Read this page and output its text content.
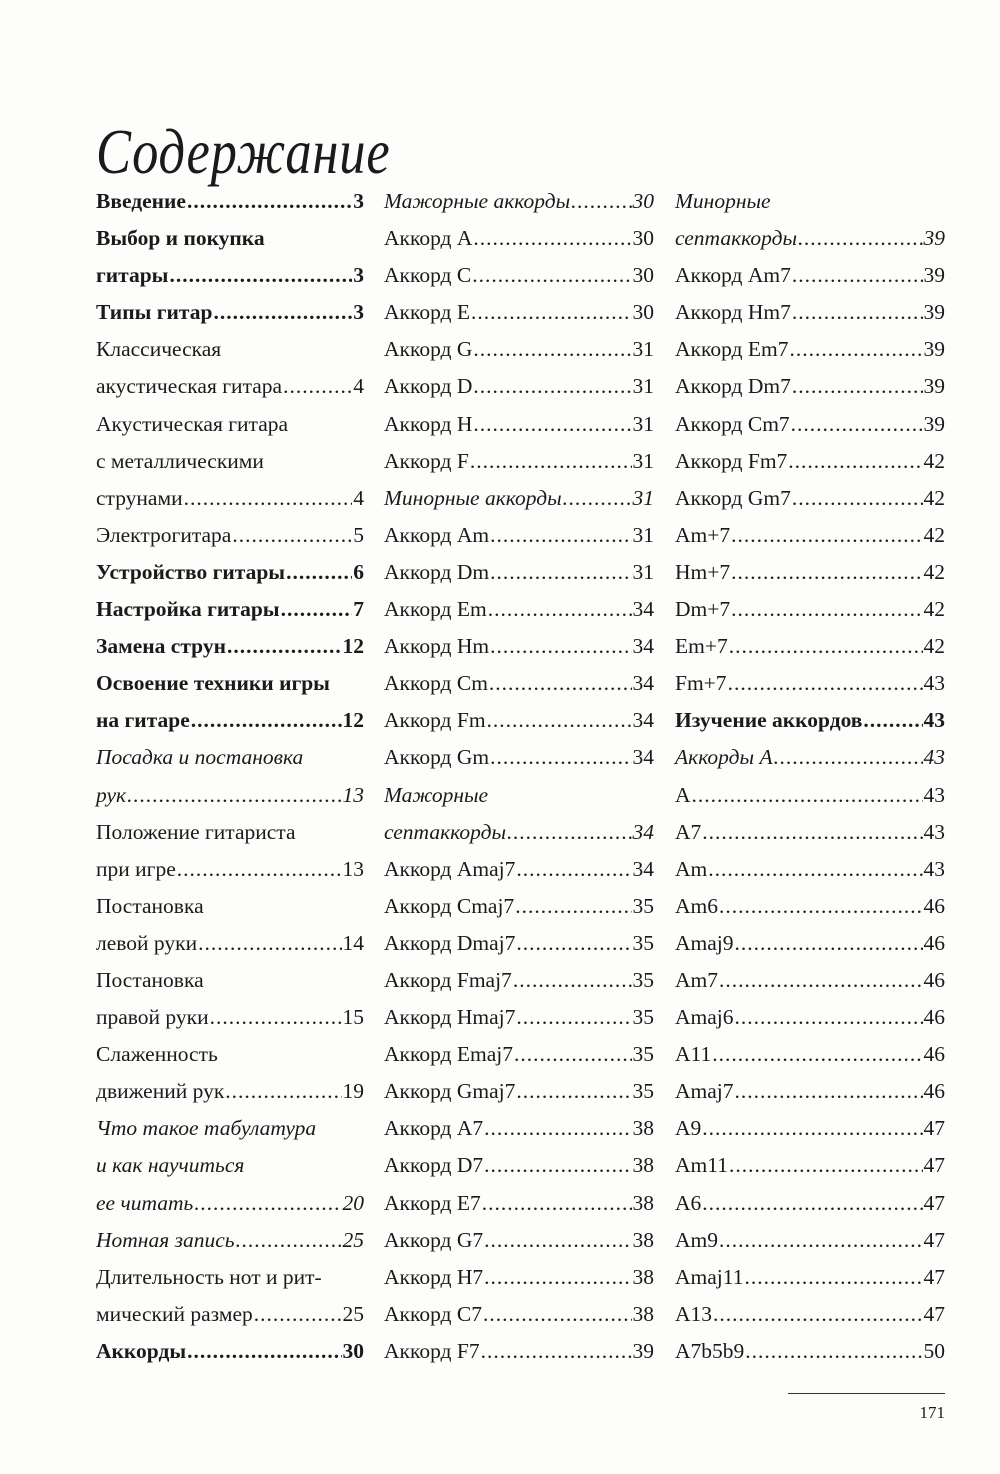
Содержание
Введение .....	3
Выбор и покупка
гитары .....	3
Типы гитар .....	3
Классическая
акустическая гитара .....	4
Акустическая гитара
с металлическими
струнами .....	4
Электрогитара .....	5
Устройство гитары .....	6
Настройка гитары .....	7
Замена струн .....	12
Освоение техники игры
на гитаре .....	12
Посадка и постановка
рук .....	13
Положение гитариста
при игре .....	13
Постановка
левой руки .....	14
Постановка
правой руки .....	15
Слаженность
движений рук .....	19
Что такое табулатура
и как научиться
ее читать .....	20
Нотная запись .....	25
Длительность нот и рит-
мический размер .....	25
Аккорды .....	30
Мажорные аккорды .....	30
Аккорд A .....	30
Аккорд C .....	30
Аккорд E .....	30
Аккорд G .....	31
Аккорд D .....	31
Аккорд H .....	31
Аккорд F .....	31
Минорные аккорды .....	31
Аккорд Am .....	31
Аккорд Dm .....	31
Аккорд Em .....	34
Аккорд Hm .....	34
Аккорд Cm .....	34
Аккорд Fm .....	34
Аккорд Gm .....	34
Мажорные
септаккорды .....	34
Аккорд Amaj7 .....	34
Аккорд Cmaj7 .....	35
Аккорд Dmaj7 .....	35
Аккорд Fmaj7 .....	35
Аккорд Hmaj7 .....	35
Аккорд Emaj7 .....	35
Аккорд Gmaj7 .....	35
Аккорд A7 .....	38
Аккорд D7 .....	38
Аккорд E7 .....	38
Аккорд G7 .....	38
Аккорд H7 .....	38
Аккорд C7 .....	38
Аккорд F7 .....	39
Минорные
септаккорды .....	39
Аккорд Am7 .....	39
Аккорд Hm7 .....	39
Аккорд Em7 .....	39
Аккорд Dm7 .....	39
Аккорд Cm7 .....	39
Аккорд Fm7 .....	42
Аккорд Gm7 .....	42
Am+7 .....	42
Hm+7 .....	42
Dm+7 .....	42
Em+7 .....	42
Fm+7 .....	43
Изучение аккордов .....	43
Аккорды А .....	43
A .....	43
A7 .....	43
Am .....	43
Am6 .....	46
Amaj9 .....	46
Am7 .....	46
Amaj6 .....	46
A11 .....	46
Amaj7 .....	46
A9 .....	47
Am11 .....	47
A6 .....	47
Am9 .....	47
Amaj11 .....	47
A13 .....	47
A7b5b9 .....	50
171
